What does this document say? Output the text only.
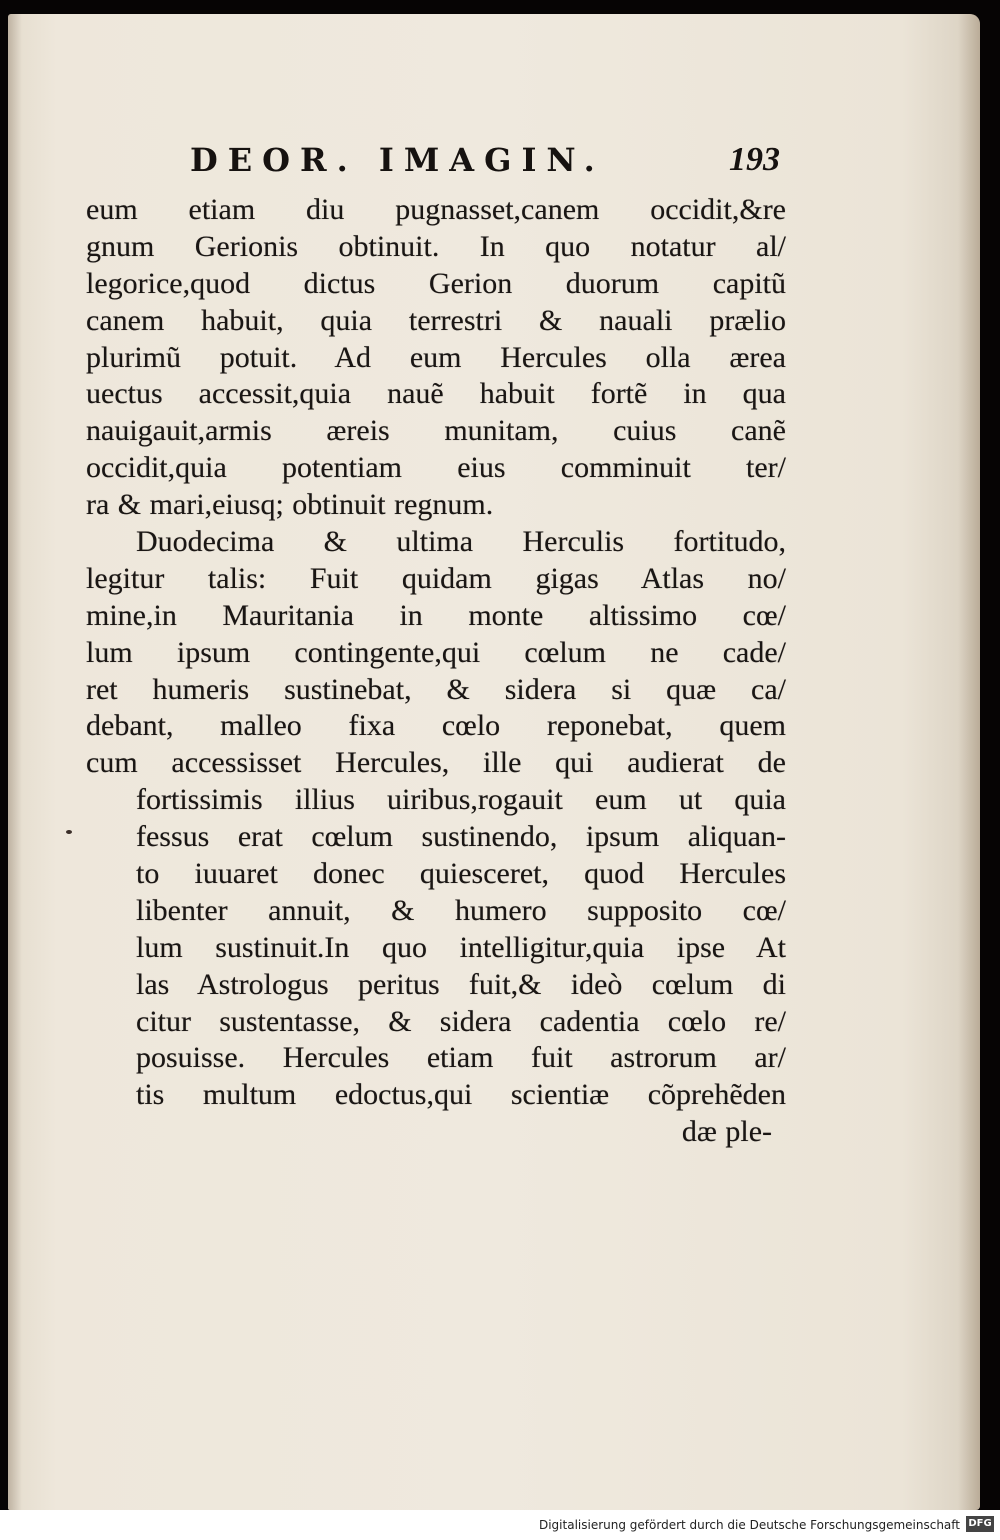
DEOR. IMAGIN.	193
eum etiam diu pugnasset,canem occidit,&re
gnum Gerionis obtinuit. In quo notatur al/
legorice,quod dictus Gerion duorum capitũ
canem habuit, quia terrestri & nauali prælio
plurimũ potuit. Ad eum Hercules olla ærea
uectus accessit,quia nauẽ habuit fortẽ in qua
nauigauit,armis æreis munitam, cuius canẽ
occidit,quia potentiam eius comminuit ter/
ra & mari,eiusq; obtinuit regnum.
Duodecima & ultima Herculis fortitudo,
legitur talis: Fuit quidam gigas Atlas no/
mine,in Mauritania in monte altissimo cœ/
lum ipsum contingente,qui cœlum ne cade/
ret humeris sustinebat, & sidera si quæ ca/
debant, malleo fixa cœlo reponebat, quem
cum accessisset Hercules, ille qui audierat de
fortissimis illius uiribus,rogauit eum ut quia
fessus erat cœlum sustinendo, ipsum aliquan-
to iuuaret donec quiesceret, quod Hercules
libenter annuit, & humero supposito cœ/
lum sustinuit.In quo intelligitur,quia ipse At
las Astrologus peritus fuit,& ideò cœlum di
citur sustentasse, & sidera cadentia cœlo re/
posuisse. Hercules etiam fuit astrorum ar/
tis multum edoctus,qui scientiæ cõprehẽden
dæ ple-
Digitalisierung gefördert durch die Deutsche Forschungsgemeinschaft DFG
